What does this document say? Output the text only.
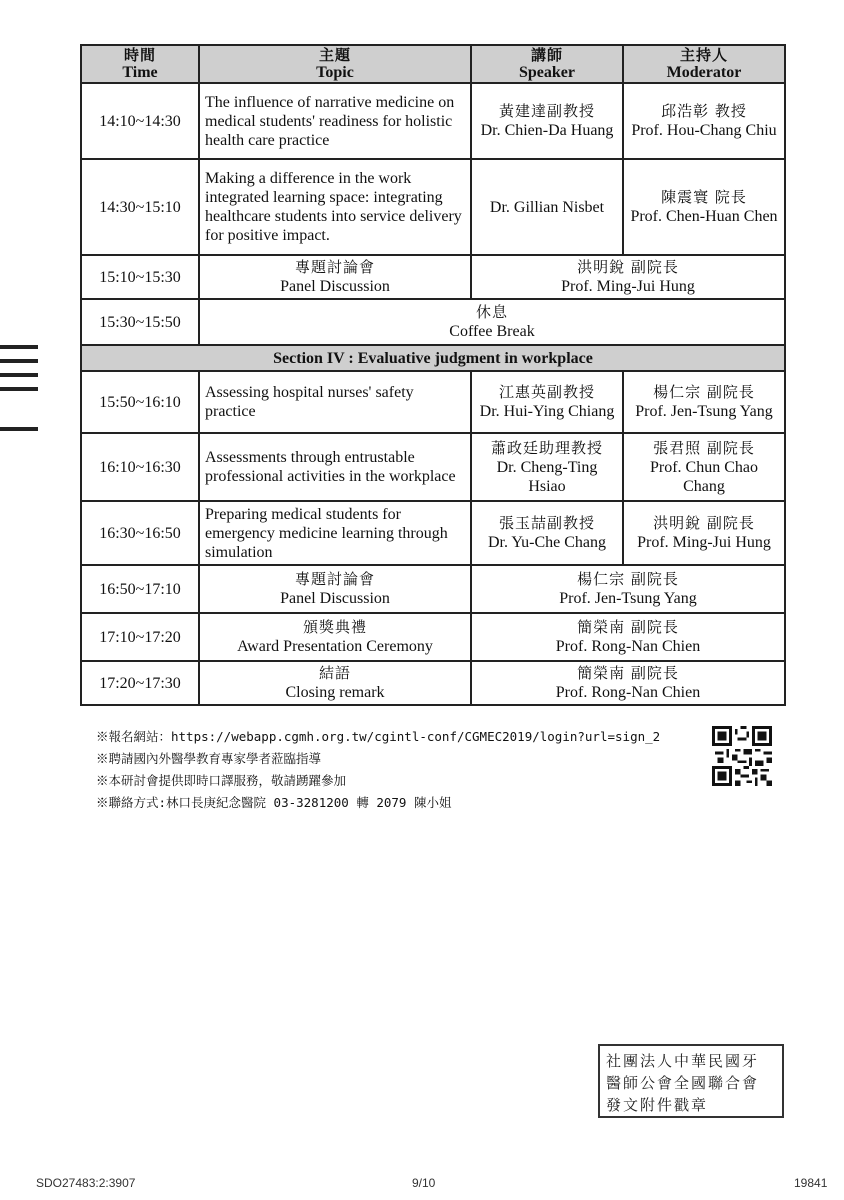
時間
Time	主題
Topic	講師
Speaker	主持人
Moderator

14:10~14:30	The influence of narrative medicine on medical students' readiness for holistic health care practice	黃建達副教授
Dr. Chien-Da Huang	邱浩彰 教授
Prof. Hou-Chang Chiu

14:30~15:10	Making a difference in the work integrated learning space: integrating healthcare students into service delivery for positive impact.	Dr. Gillian Nisbet	陳震寰 院長
Prof. Chen-Huan Chen

15:10~15:30	專題討論會
Panel Discussion	洪明銳 副院長
Prof. Ming-Jui Hung	

15:30~15:50	休息
Coffee Break		

Section IV : Evaluative judgment in workplace			
15:50~16:10	Assessing hospital nurses' safety practice	江惠英副教授
Dr. Hui-Ying Chiang	楊仁宗 副院長
Prof. Jen-Tsung Yang

16:10~16:30	Assessments through entrustable professional activities in the workplace	蕭政廷助理教授
Dr. Cheng-Ting Hsiao	張君照 副院長
Prof. Chun Chao Chang

16:30~16:50	Preparing medical students for emergency medicine learning through simulation	張玉喆副教授
Dr. Yu-Che Chang	洪明銳 副院長
Prof. Ming-Jui Hung

16:50~17:10	專題討論會
Panel Discussion	楊仁宗 副院長
Prof. Jen-Tsung Yang	

17:10~17:20	頒獎典禮
Award Presentation Ceremony	簡榮南 副院長
Prof. Rong-Nan Chien	

17:20~17:30	結語
Closing remark	簡榮南 副院長
Prof. Rong-Nan Chien	
※報名網站：https://webapp.cgmh.org.tw/cgintl-conf/CGMEC2019/login?url=sign_2
※聘請國內外醫學教育專家學者蒞臨指導
※本研討會提供即時口譯服務，敬請踴躍參加
※聯絡方式:林口長庚紀念醫院 03-3281200 轉 2079 陳小姐
社團法人中華民國牙
醫師公會全國聯合會
發文附件戳章
SDO27483:2:3907	9/10	19841
